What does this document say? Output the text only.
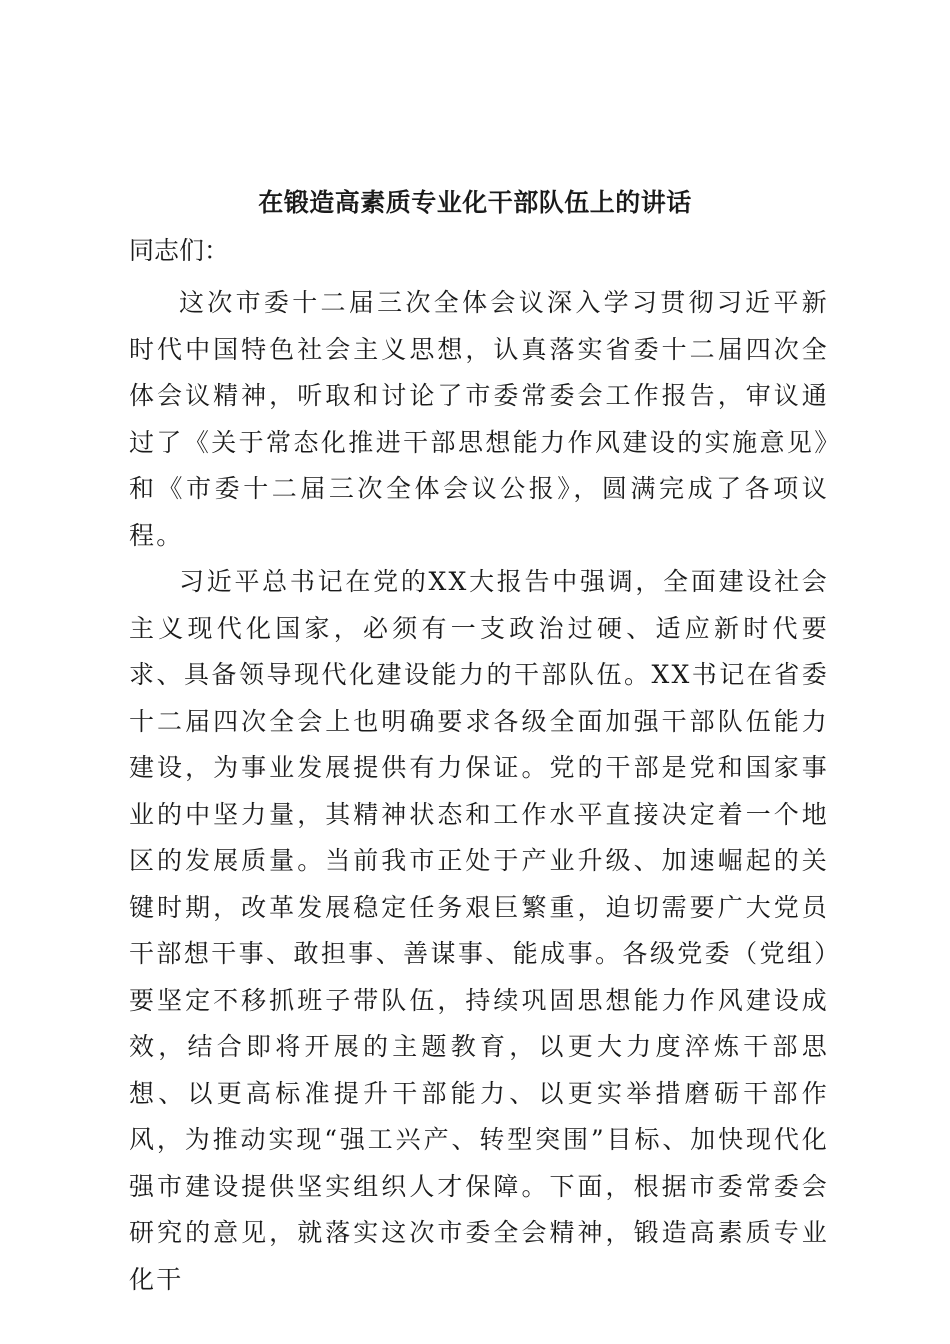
在锻造高素质专业化干部队伍上的讲话
同志们：

这次市委十二届三次全体会议深入学习贯彻习近平新时代中国特色社会主义思想，认真落实省委十二届四次全体会议精神，听取和讨论了市委常委会工作报告，审议通过了《关于常态化推进干部思想能力作风建设的实施意见》和《市委十二届三次全体会议公报》，圆满完成了各项议程。

习近平总书记在党的XX大报告中强调，全面建设社会主义现代化国家，必须有一支政治过硬、适应新时代要求、具备领导现代化建设能力的干部队伍。XX书记在省委十二届四次全会上也明确要求各级全面加强干部队伍能力建设，为事业发展提供有力保证。党的干部是党和国家事业的中坚力量，其精神状态和工作水平直接决定着一个地区的发展质量。当前我市正处于产业升级、加速崛起的关键时期，改革发展稳定任务艰巨繁重，迫切需要广大党员干部想干事、敢担事、善谋事、能成事。各级党委（党组）要坚定不移抓班子带队伍，持续巩固思想能力作风建设成效，结合即将开展的主题教育，以更大力度淬炼干部思想、以更高标准提升干部能力、以更实举措磨砺干部作风，为推动实现“强工兴产、转型突围”目标、加快现代化强市建设提供坚实组织人才保障。下面，根据市委常委会研究的意见，就落实这次市委全会精神，锻造高素质专业化干
